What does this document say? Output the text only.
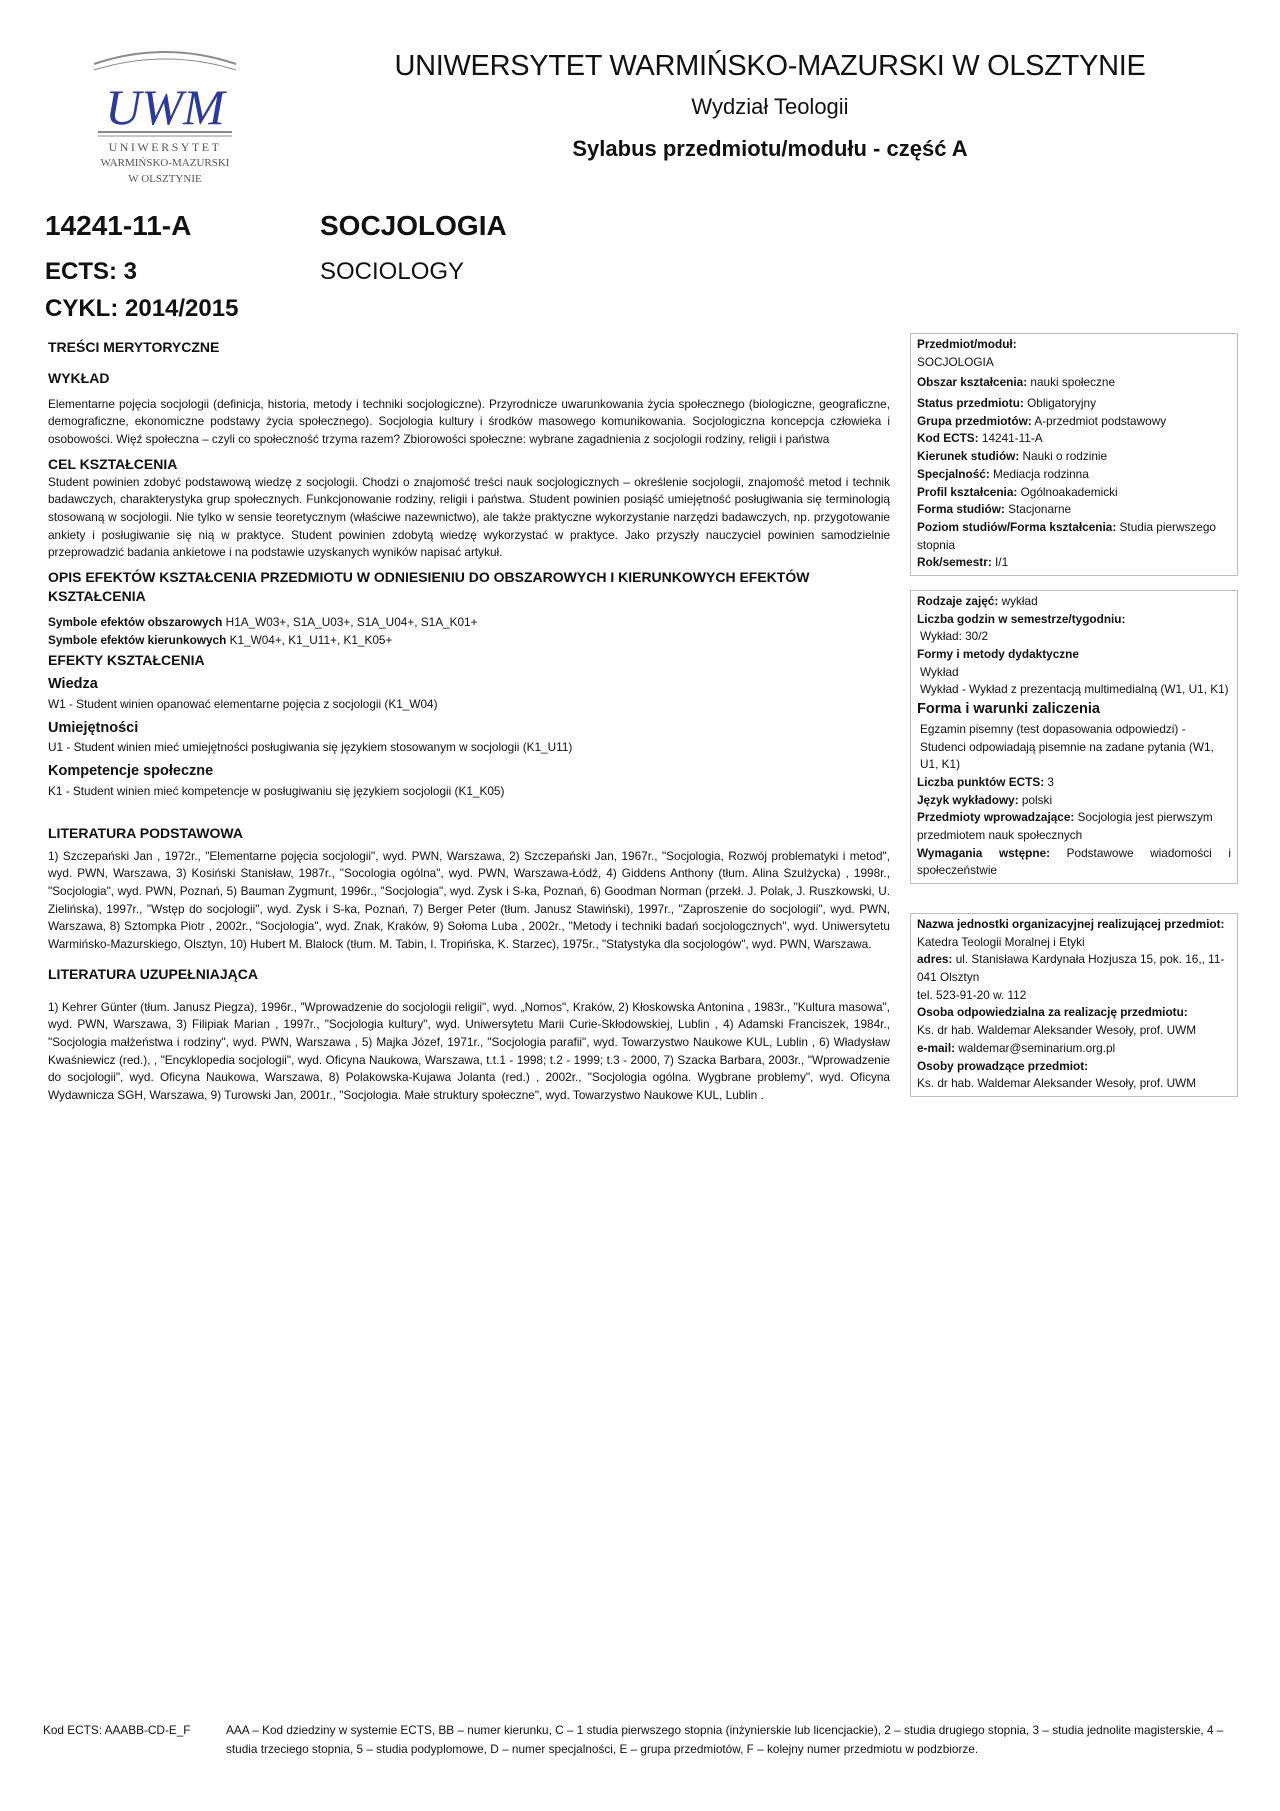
UWM
UNIWERSYTET
WARMIŃSKO-MAZURSKI
W OLSZTYNIE
UNIWERSYTET WARMIŃSKO-MAZURSKI W OLSZTYNIE
Wydział Teologii
Sylabus przedmiotu/modułu - część A
14241-11-A	SOCJOLOGIA
ECTS: 3	SOCIOLOGY
CYKL: 2014/2015
TREŚCI MERYTORYCZNE
WYKŁAD

Elementarne pojęcia socjologii (definicja, historia, metody i techniki socjologiczne). Przyrodnicze uwarunkowania życia społecznego (biologiczne, geograficzne, demograficzne, ekonomiczne podstawy życia społecznego). Socjologia kultury i środków masowego komunikowania. Socjologiczna koncepcja człowieka i osobowości. Więź społeczna – czyli co społeczność trzyma razem? Zbiorowości społeczne: wybrane zagadnienia z socjologii rodziny, religii i państwa

CEL KSZTAŁCENIA

Student powinien zdobyć podstawową wiedzę z socjologii. Chodzi o znajomość treści nauk socjologicznych – określenie socjologii, znajomość metod i technik badawczych, charakterystyka grup społecznych. Funkcjonowanie rodziny, religii i państwa. Student powinien posiąść umiejętność posługiwania się terminologią stosowaną w socjologii. Nie tylko w sensie teoretycznym (właściwe nazewnictwo), ale także praktyczne wykorzystanie narzędzi badawczych, np. przygotowanie ankiety i posługiwanie się nią w praktyce. Student powinien zdobytą wiedzę wykorzystać w praktyce. Jako przyszły nauczyciel powinien samodzielnie przeprowadzić badania ankietowe i na podstawie uzyskanych wyników napisać artykuł.

OPIS EFEKTÓW KSZTAŁCENIA PRZEDMIOTU W ODNIESIENIU DO OBSZAROWYCH I KIERUNKOWYCH EFEKTÓW KSZTAŁCENIA
Symbole efektów obszarowych H1A_W03+, S1A_U03+, S1A_U04+, S1A_K01+
Symbole efektów kierunkowych K1_W04+, K1_U11+, K1_K05+
EFEKTY KSZTAŁCENIA
Wiedza
W1 - Student winien opanować elementarne pojęcia z socjologii (K1_W04)
Umiejętności
U1 - Student winien mieć umiejętności posługiwania się językiem stosowanym w socjologii (K1_U11)
Kompetencje społeczne
K1 - Student winien mieć kompetencje w posługiwaniu się językiem socjologii (K1_K05)
LITERATURA PODSTAWOWA

1) Szczepański Jan , 1972r., "Elementarne pojęcia socjologii", wyd. PWN, Warszawa, 2) Szczepański Jan, 1967r., "Socjologia, Rozwój problematyki i metod", wyd. PWN, Warszawa, 3) Kosiński Stanisław, 1987r., "Socologia ogólna", wyd. PWN, Warszawa-Łódź, 4) Giddens Anthony (tłum. Alina Szulżycka) , 1998r., "Socjologia", wyd. PWN, Poznań, 5) Bauman Zygmunt, 1996r., "Socjologia", wyd. Zysk i S-ka, Poznań, 6) Goodman Norman (przekł. J. Polak, J. Ruszkowski, U. Zielińska), 1997r., "Wstęp do socjologii", wyd. Zysk i S-ka, Poznań, 7) Berger Peter (tłum. Janusz Stawiński), 1997r., "Zaproszenie do socjologii", wyd. PWN, Warszawa, 8) Sztompka Piotr , 2002r., "Socjologia", wyd. Znak, Kraków, 9) Sołoma Luba , 2002r., "Metody i techniki badań socjologcznych", wyd. Uniwersytetu Warmińsko-Mazurskiego, Olsztyn, 10) Hubert M. Blalock (tłum. M. Tabin, I. Tropińska, K. Starzec), 1975r., "Statystyka dla socjologów", wyd. PWN, Warszawa.

LITERATURA UZUPEŁNIAJĄCA

1) Kehrer Günter (tłum. Janusz Piegza), 1996r., "Wprowadzenie do socjologii religii", wyd. „Nomos", Kraków, 2) Kłoskowska Antonina , 1983r., "Kultura masowa", wyd. PWN, Warszawa, 3) Filipiak Marian , 1997r., "Socjologia kultury", wyd. Uniwersytetu Marii Curie-Skłodowskiej, Lublin , 4) Adamski Franciszek, 1984r., "Socjologia małżeństwa i rodziny", wyd. PWN, Warszawa , 5) Majka Józef, 1971r., "Socjologia parafii", wyd. Towarzystwo Naukowe KUL, Lublin , 6) Władysław Kwaśniewicz (red.), , "Encyklopedia socjologii", wyd. Oficyna Naukowa, Warszawa, t.t.1 - 1998; t.2 - 1999; t.3 - 2000, 7) Szacka Barbara, 2003r., "Wprowadzenie do socjologii", wyd. Oficyna Naukowa, Warszawa, 8) Polakowska-Kujawa Jolanta (red.) , 2002r., "Socjologia ogólna. Wygbrane problemy", wyd. Oficyna Wydawnicza SGH, Warszawa, 9) Turowski Jan, 2001r., "Socjologia. Małe struktury społeczne", wyd. Towarzystwo Naukowe KUL, Lublin .

Przedmiot/moduł:
SOCJOLOGIA
Obszar kształcenia: nauki społeczne
Status przedmiotu: Obligatoryjny
Grupa przedmiotów: A-przedmiot podstawowy
Kod ECTS: 14241-11-A
Kierunek studiów: Nauki o rodzinie
Specjalność: Mediacja rodzinna
Profil kształcenia: Ogólnoakademicki
Forma studiów: Stacjonarne
Poziom studiów/Forma kształcenia: Studia pierwszego stopnia
Rok/semestr: I/1
Rodzaje zajęć: wykład
Liczba godzin w semestrze/tygodniu:
Wykład: 30/2
Formy i metody dydaktyczne
Wykład
Wykład - Wykład z prezentacją multimedialną (W1, U1, K1)
Forma i warunki zaliczenia
Egzamin pisemny (test dopasowania odpowiedzi) - Studenci odpowiadają pisemnie na zadane pytania (W1, U1, K1)
Liczba punktów ECTS: 3
Język wykładowy: polski
Przedmioty wprowadzające: Socjologia jest pierwszym przedmiotem nauk społecznych
Wymagania wstępne: Podstawowe wiadomości i społeczeństwie
Nazwa jednostki organizacyjnej realizującej przedmiot:
Katedra Teologii Moralnej i Etyki
adres: ul. Stanisława Kardynała Hozjusza 15, pok. 16,, 11-041 Olsztyn
tel. 523-91-20 w. 112
Osoba odpowiedzialna za realizację przedmiotu:
Ks. dr hab. Waldemar Aleksander Wesoły, prof. UWM
e-mail: waldemar@seminarium.org.pl
Osoby prowadzące przedmiot:
Ks. dr hab. Waldemar Aleksander Wesoły, prof. UWM
Kod ECTS: AAABB-CD-E_F	AAA – Kod dziedziny w systemie ECTS, BB – numer kierunku, C – 1 studia pierwszego stopnia (inżynierskie lub licencjackie), 2 – studia drugiego stopnia, 3 – studia jednolite magisterskie, 4 – studia trzeciego stopnia, 5 – studia podyplomowe, D – numer specjalności, E – grupa przedmiotów, F – kolejny numer przedmiotu w podzbiorze.
